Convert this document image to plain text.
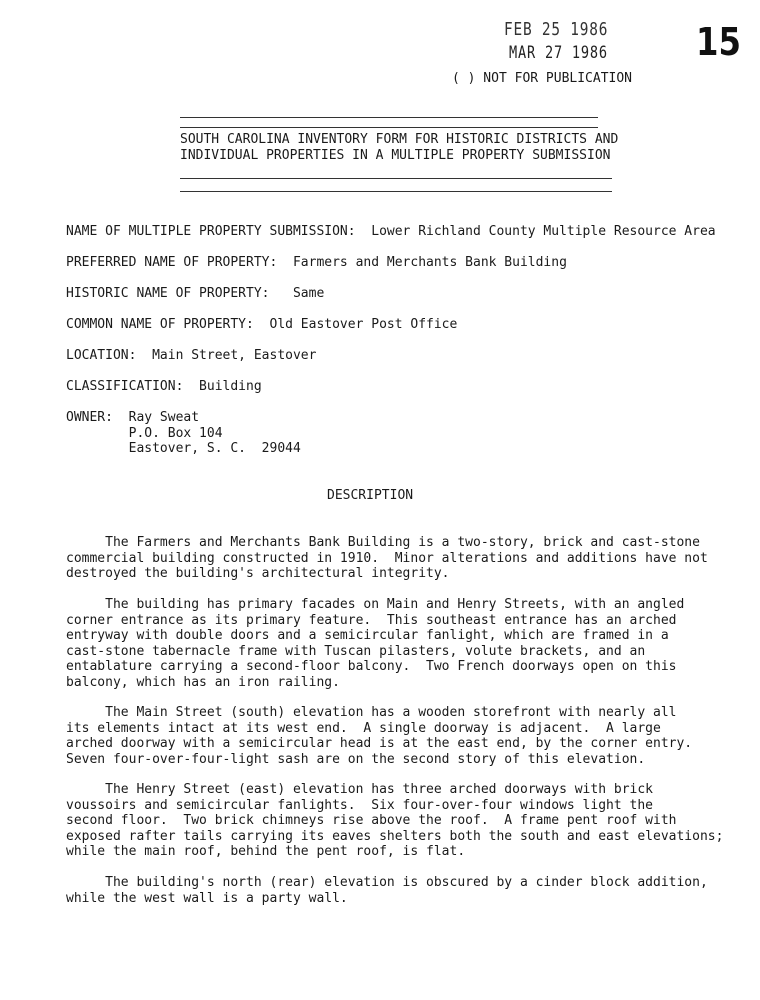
FEB 25 1986
MAR 27 1986 15
( ) NOT FOR PUBLICATION
SOUTH CAROLINA INVENTORY FORM FOR HISTORIC DISTRICTS AND
INDIVIDUAL PROPERTIES IN A MULTIPLE PROPERTY SUBMISSION
NAME OF MULTIPLE PROPERTY SUBMISSION:  Lower Richland County Multiple Resource Area
PREFERRED NAME OF PROPERTY:  Farmers and Merchants Bank Building
HISTORIC NAME OF PROPERTY:   Same
COMMON NAME OF PROPERTY:  Old Eastover Post Office
LOCATION:  Main Street, Eastover
CLASSIFICATION:  Building
OWNER:  Ray Sweat
P.O. Box 104
Eastover, S. C.  29044
DESCRIPTION
The Farmers and Merchants Bank Building is a two-story, brick and cast-stone
commercial building constructed in 1910.  Minor alterations and additions have not
destroyed the building's architectural integrity.
The building has primary facades on Main and Henry Streets, with an angled
corner entrance as its primary feature.  This southeast entrance has an arched
entryway with double doors and a semicircular fanlight, which are framed in a
cast-stone tabernacle frame with Tuscan pilasters, volute brackets, and an
entablature carrying a second-floor balcony.  Two French doorways open on this
balcony, which has an iron railing.
The Main Street (south) elevation has a wooden storefront with nearly all
its elements intact at its west end.  A single doorway is adjacent.  A large
arched doorway with a semicircular head is at the east end, by the corner entry.
Seven four-over-four-light sash are on the second story of this elevation.
The Henry Street (east) elevation has three arched doorways with brick
voussoirs and semicircular fanlights.  Six four-over-four windows light the
second floor.  Two brick chimneys rise above the roof.  A frame pent roof with
exposed rafter tails carrying its eaves shelters both the south and east elevations;
while the main roof, behind the pent roof, is flat.
The building's north (rear) elevation is obscured by a cinder block addition,
while the west wall is a party wall.
